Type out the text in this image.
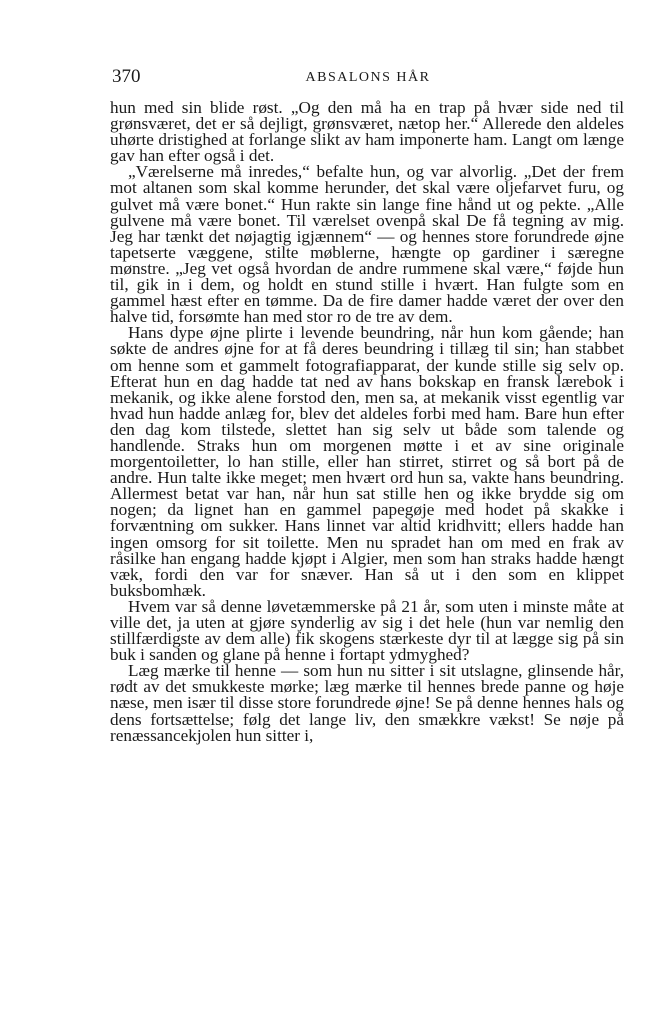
370	ABSALONS HÅR

hun med sin blide røst. „Og den må ha en trap på hvær side ned til grønsværet, det er så dejligt, grønsværet, nætop her.“ Allerede den aldeles uhørte dristighed at forlange slikt av ham imponerte ham. Langt om længe gav han efter også i det.

„Værelserne må inredes,“ befalte hun, og var alvorlig. „Det der frem mot altanen som skal komme herunder, det skal være oljefarvet furu, og gulvet må være bonet.“ Hun rakte sin lange fine hånd ut og pekte. „Alle gulvene må være bonet. Til værelset ovenpå skal De få tegning av mig. Jeg har tænkt det nøjagtig igjænnem“ — og hennes store forundrede øjne tapetserte væggene, stilte møblerne, hængte op gardiner i særegne mønstre. „Jeg vet også hvordan de andre rummene skal være,“ føjde hun til, gik in i dem, og holdt en stund stille i hvært. Han fulgte som en gammel hæst efter en tømme. Da de fire damer hadde været der over den halve tid, forsømte han med stor ro de tre av dem.

Hans dype øjne plirte i levende beundring, når hun kom gående; han søkte de andres øjne for at få deres beundring i tillæg til sin; han stabbet om henne som et gammelt fotografiapparat, der kunde stille sig selv op. Efterat hun en dag hadde tat ned av hans bokskap en fransk lærebok i mekanik, og ikke alene forstod den, men sa, at mekanik visst egentlig var hvad hun hadde anlæg for, blev det aldeles forbi med ham. Bare hun efter den dag kom tilstede, slettet han sig selv ut både som talende og handlende. Straks hun om morgenen møtte i et av sine originale morgentoiletter, lo han stille, eller han stirret, stirret og så bort på de andre. Hun talte ikke meget; men hvært ord hun sa, vakte hans beundring. Allermest betat var han, når hun sat stille hen og ikke brydde sig om nogen; da lignet han en gammel papegøje med hodet på skakke i forvæntning om sukker. Hans linnet var altid kridhvitt; ellers hadde han ingen omsorg for sit toilette. Men nu spradet han om med en frak av råsilke han engang hadde kjøpt i Algier, men som han straks hadde hængt væk, fordi den var for snæver. Han så ut i den som en klippet buksbomhæk.

Hvem var så denne løvetæmmerske på 21 år, som uten i minste måte at ville det, ja uten at gjøre synderlig av sig i det hele (hun var nemlig den stillfærdigste av dem alle) fik skogens stærkeste dyr til at lægge sig på sin buk i sanden og glane på henne i fortapt ydmyghed?

Læg mærke til henne — som hun nu sitter i sit utslagne, glinsende hår, rødt av det smukkeste mørke; læg mærke til hennes brede panne og høje næse, men især til disse store forundrede øjne! Se på denne hennes hals og dens fortsættelse; følg det lange liv, den smækkre vækst! Se nøje på renæssancekjolen hun sitter i,
